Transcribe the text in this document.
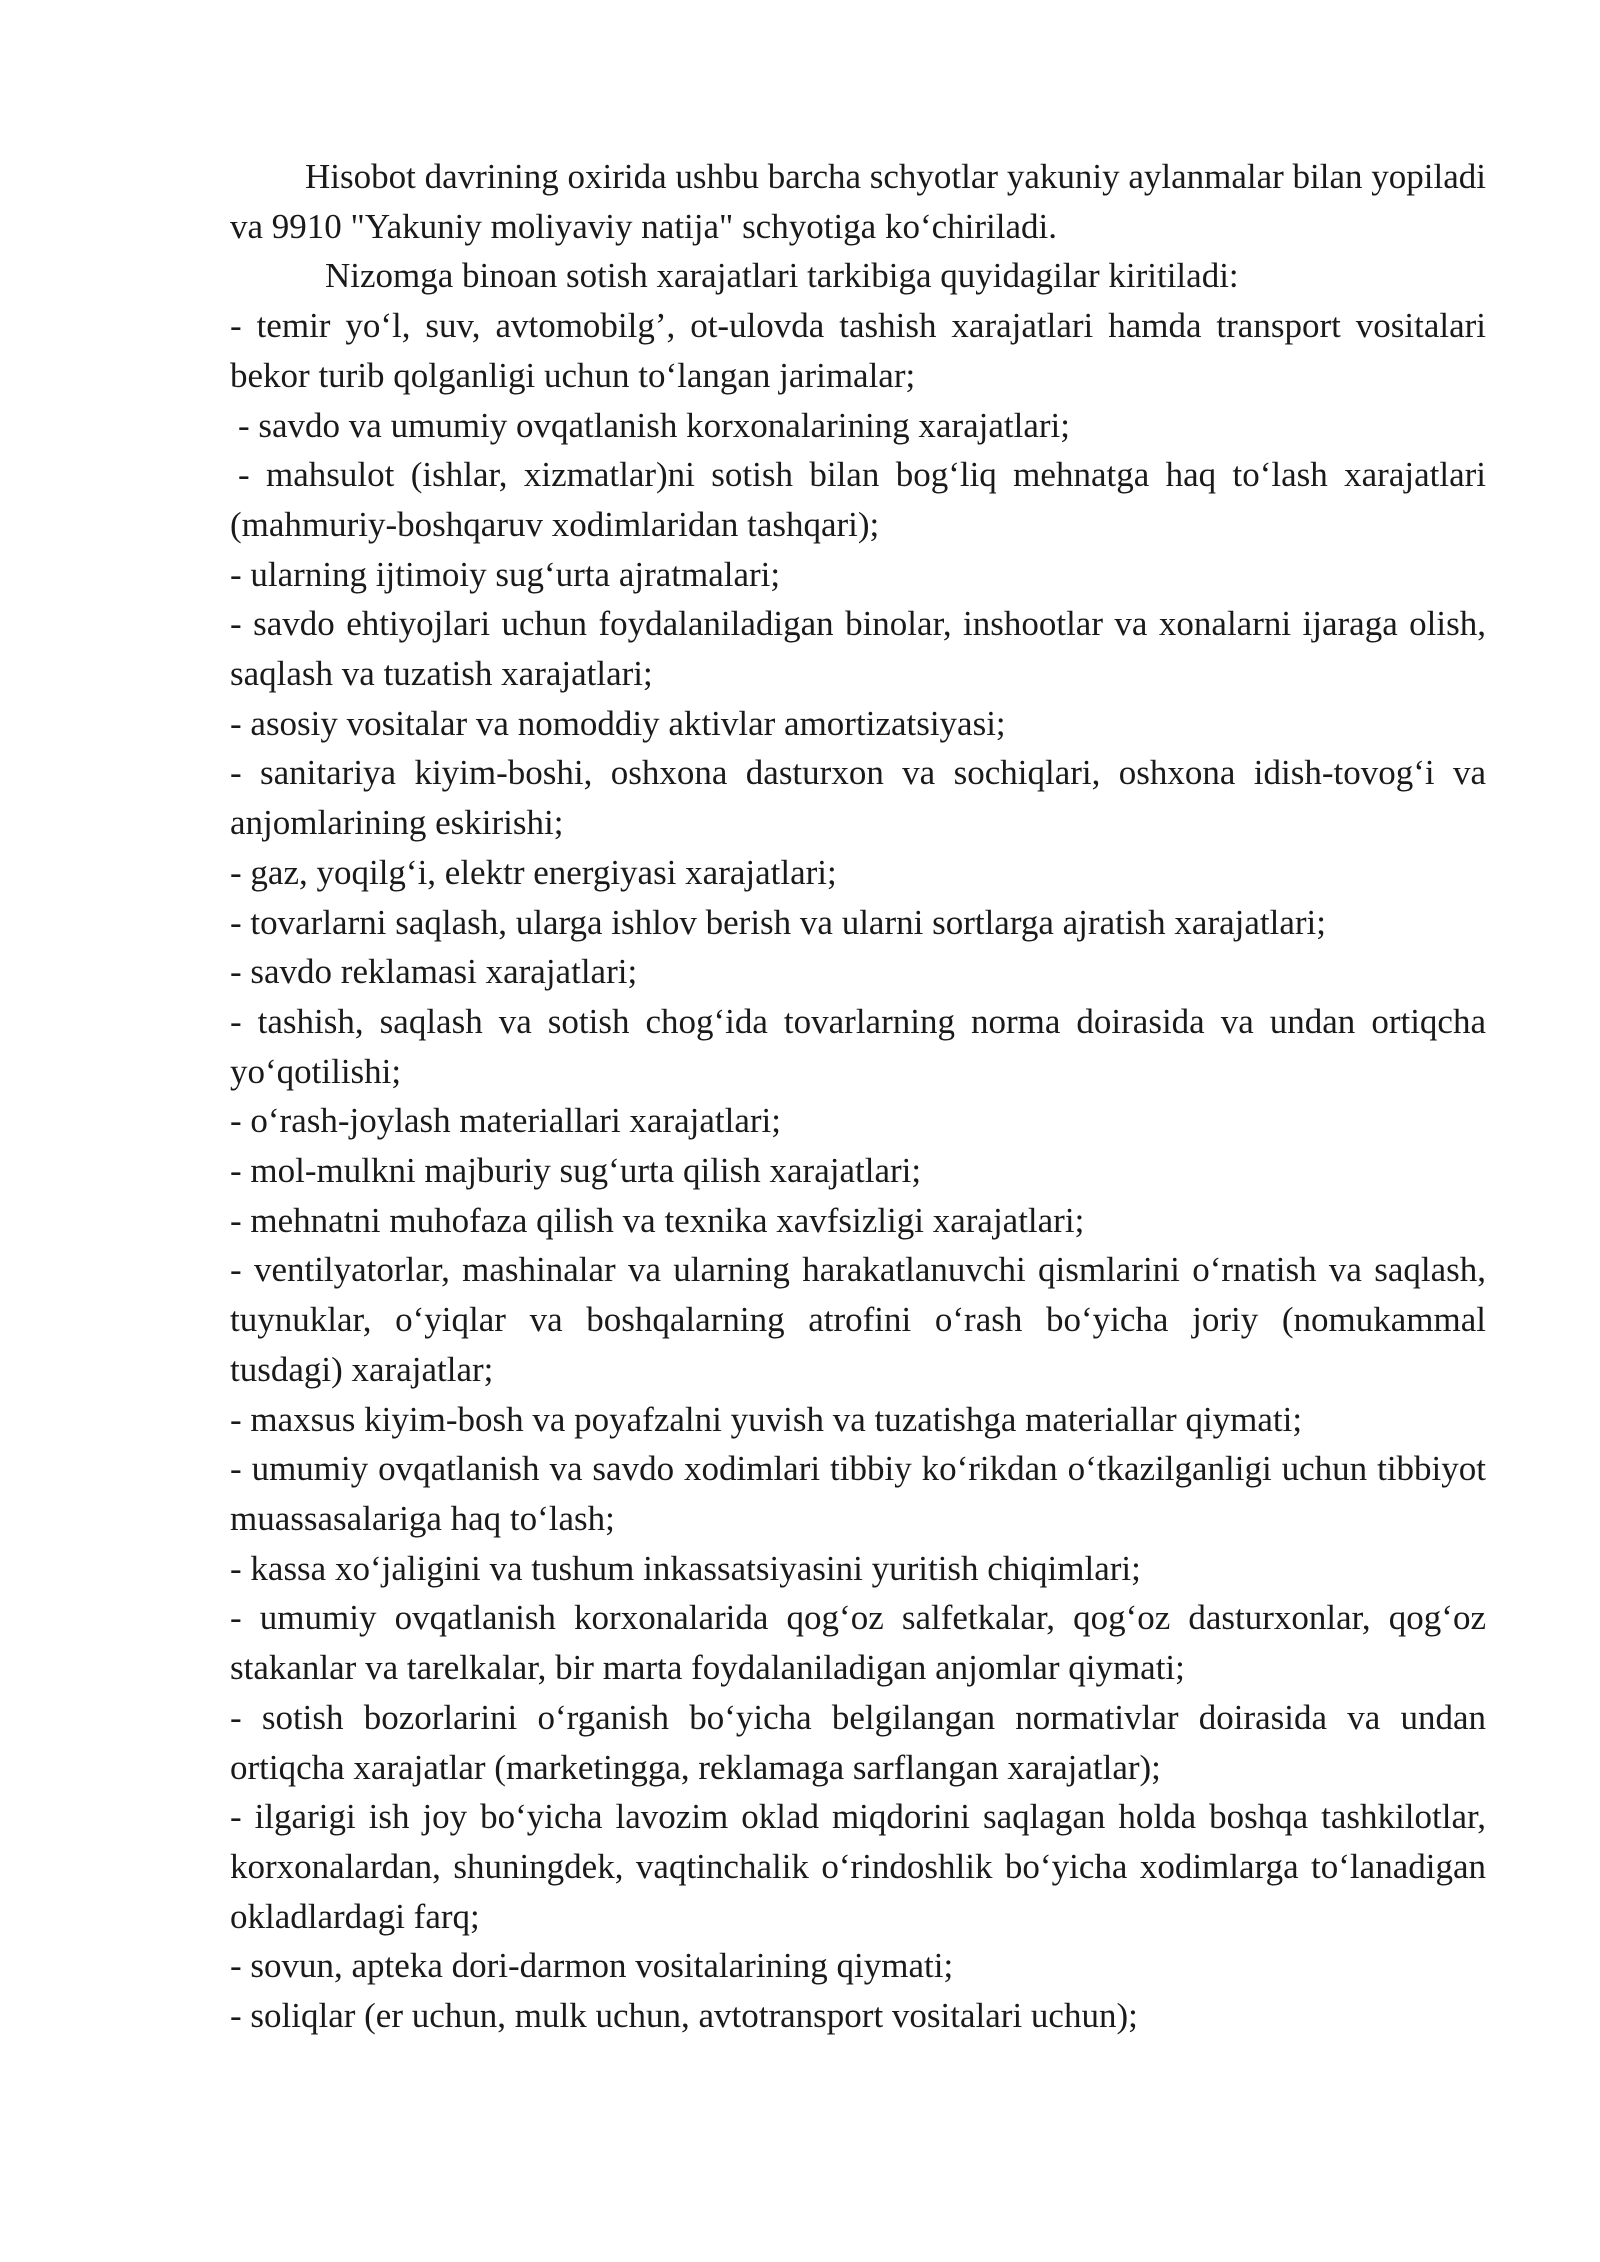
Hisobot davrining oxirida ushbu barcha schyotlar yakuniy aylanmalar bilan yopiladi va 9910 "Yakuniy moliyaviy natija" schyotiga ko‘chiriladi.

Nizomga binoan sotish xarajatlari tarkibiga quyidagilar kiritiladi:

- temir yo‘l, suv, avtomobilg’, ot-ulovda tashish xarajatlari hamda transport vositalari bekor turib qolganligi uchun to‘langan jarimalar;

- savdo va umumiy ovqatlanish korxonalarining xarajatlari;

- mahsulot (ishlar, xizmatlar)ni sotish bilan bog‘liq mehnatga haq to‘lash xarajatlari (mahmuriy-boshqaruv xodimlaridan tashqari);

- ularning ijtimoiy sug‘urta ajratmalari;

- savdo ehtiyojlari uchun foydalaniladigan binolar, inshootlar va xonalarni ijaraga olish, saqlash va tuzatish xarajatlari;

- asosiy vositalar va nomoddiy aktivlar amortizatsiyasi;

- sanitariya kiyim-boshi, oshxona dasturxon va sochiqlari, oshxona idish-tovog‘i va anjomlarining eskirishi;

- gaz, yoqilg‘i, elektr energiyasi xarajatlari;

- tovarlarni saqlash, ularga ishlov berish va ularni sortlarga ajratish xarajatlari;

- savdo reklamasi xarajatlari;

- tashish, saqlash va sotish chog‘ida tovarlarning norma doirasida va undan ortiqcha yo‘qotilishi;

- o‘rash-joylash materiallari xarajatlari;

- mol-mulkni majburiy sug‘urta qilish xarajatlari;

- mehnatni muhofaza qilish va texnika xavfsizligi xarajatlari;

- ventilyatorlar, mashinalar va ularning harakatlanuvchi qismlarini o‘rnatish va saqlash, tuynuklar, o‘yiqlar va boshqalarning atrofini o‘rash bo‘yicha joriy (nomukammal tusdagi) xarajatlar;

- maxsus kiyim-bosh va poyafzalni yuvish va tuzatishga materiallar qiymati;

- umumiy ovqatlanish va savdo xodimlari tibbiy ko‘rikdan o‘tkazilganligi uchun tibbiyot muassasalariga haq to‘lash;

- kassa xo‘jaligini va tushum inkassatsiyasini yuritish chiqimlari;

- umumiy ovqatlanish korxonalarida qog‘oz salfetkalar, qog‘oz dasturxonlar, qog‘oz stakanlar va tarelkalar, bir marta foydalaniladigan anjomlar qiymati;

- sotish bozorlarini o‘rganish bo‘yicha belgilangan normativlar doirasida va undan ortiqcha xarajatlar (marketingga, reklamaga sarflangan xarajatlar);

- ilgarigi ish joy bo‘yicha lavozim oklad miqdorini saqlagan holda boshqa tashkilotlar, korxonalardan, shuningdek, vaqtinchalik o‘rindoshlik bo‘yicha xodimlarga to‘lanadigan okladlardagi farq;

- sovun, apteka dori-darmon vositalarining qiymati;

- soliqlar (er uchun, mulk uchun, avtotransport vositalari uchun);
